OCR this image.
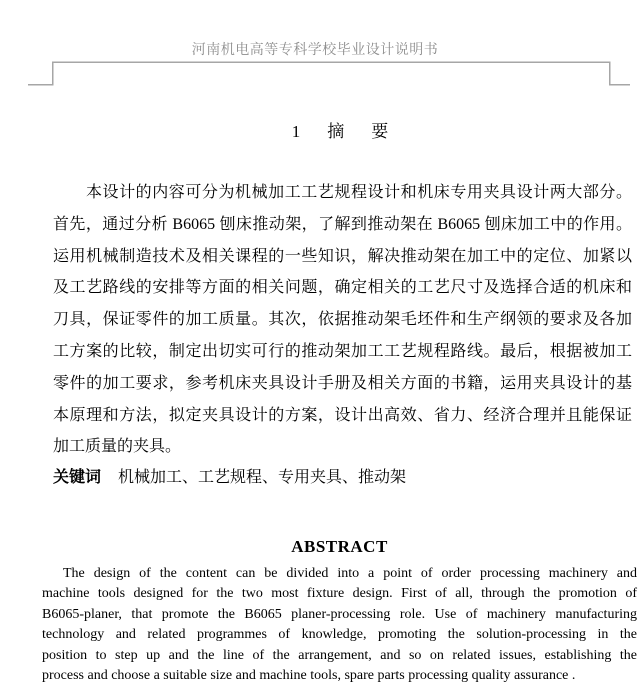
河南机电高等专科学校毕业设计说明书
1　摘　要
本设计的内容可分为机械加工工艺规程设计和机床专用夹具设计两大部分。
首先，通过分析 B6065 刨床推动架，了解到推动架在 B6065 刨床加工中的作用。
运用机械制造技术及相关课程的一些知识，解决推动架在加工中的定位、加紧以
及工艺路线的安排等方面的相关问题，确定相关的工艺尺寸及选择合适的机床和
刀具，保证零件的加工质量。其次，依据推动架毛坯件和生产纲领的要求及各加
工方案的比较，制定出切实可行的推动架加工工艺规程路线。最后，根据被加工
零件的加工要求，参考机床夹具设计手册及相关方面的书籍，运用夹具设计的基
本原理和方法，拟定夹具设计的方案，设计出高效、省力、经济合理并且能保证
加工质量的夹具。
关键词 机械加工、工艺规程、专用夹具、推动架
ABSTRACT
The design of the content can be divided into a point of order processing machinery and
machine tools designed for the two most fixture design. First of all, through the promotion of
B6065-planer, that promote the B6065 planer-processing role. Use of machinery manufacturing
technology and related programmes of knowledge, promoting the solution-processing in the
position to step up and the line of the arrangement, and so on related issues, establishing the
process and choose a suitable size and machine tools, spare parts processing quality assurance .
